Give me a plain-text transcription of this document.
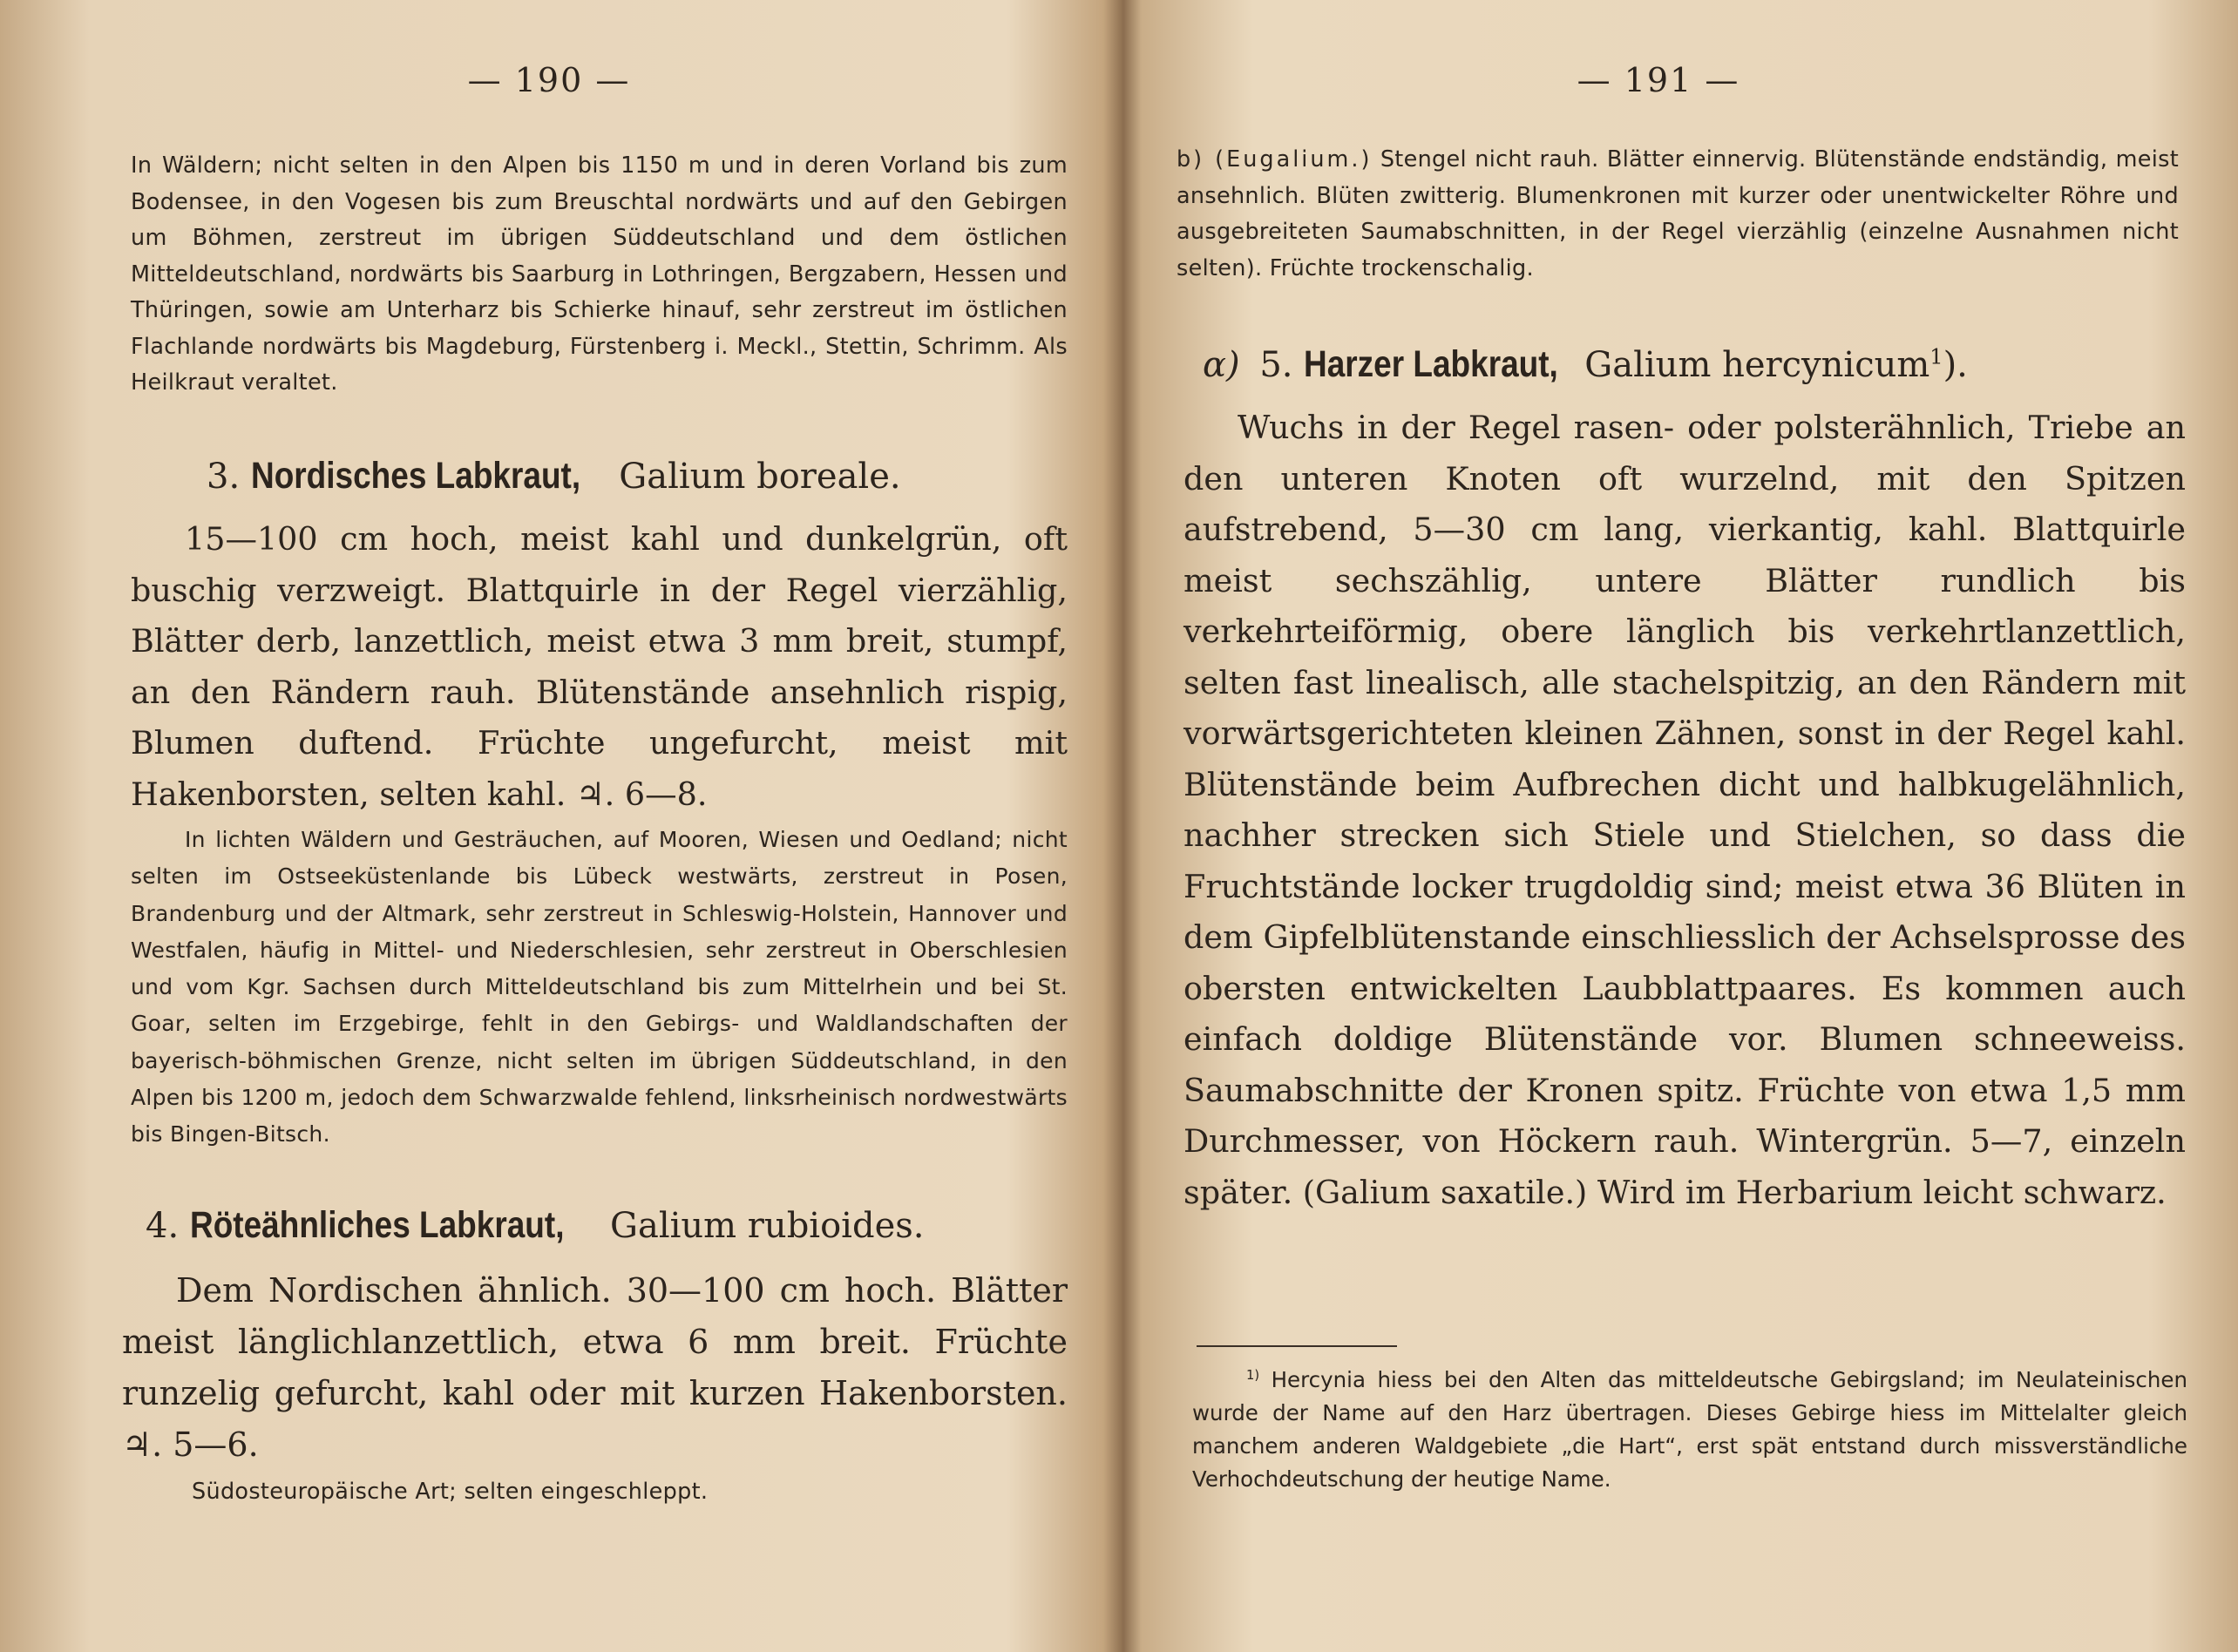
— 190 —

In Wäldern; nicht selten in den Alpen bis 1150 m und in deren Vorland bis zum Bodensee, in den Vogesen bis zum Breuschtal nordwärts und auf den Gebirgen um Böhmen, zerstreut im übrigen Süddeutschland und dem östlichen Mitteldeutschland, nordwärts bis Saarburg in Lothringen, Bergzabern, Hessen und Thüringen, sowie am Unterharz bis Schierke hinauf, sehr zerstreut im östlichen Flachlande nordwärts bis Magdeburg, Fürstenberg i. Meckl., Stettin, Schrimm. Als Heilkraut veraltet.

3. Nordisches Labkraut, Galium boreale.

15—100 cm hoch, meist kahl und dunkelgrün, oft buschig verzweigt. Blattquirle in der Regel vierzählig, Blätter derb, lanzettlich, meist etwa 3 mm breit, stumpf, an den Rändern rauh. Blütenstände ansehnlich rispig, Blumen duftend. Früchte ungefurcht, meist mit Hakenborsten, selten kahl. ♃. 6—8.

In lichten Wäldern und Gesträuchen, auf Mooren, Wiesen und Oedland; nicht selten im Ostseeküstenlande bis Lübeck westwärts, zerstreut in Posen, Brandenburg und der Altmark, sehr zerstreut in Schleswig-Holstein, Hannover und Westfalen, häufig in Mittel- und Niederschlesien, sehr zerstreut in Oberschlesien und vom Kgr. Sachsen durch Mitteldeutschland bis zum Mittelrhein und bei St. Goar, selten im Erzgebirge, fehlt in den Gebirgs- und Waldlandschaften der bayerisch-böhmischen Grenze, nicht selten im übrigen Süddeutschland, in den Alpen bis 1200 m, jedoch dem Schwarzwalde fehlend, linksrheinisch nordwestwärts bis Bingen-Bitsch.

4. Röteähnliches Labkraut, Galium rubioides.

Dem Nordischen ähnlich. 30—100 cm hoch. Blätter meist länglichlanzettlich, etwa 6 mm breit. Früchte runzelig gefurcht, kahl oder mit kurzen Hakenborsten. ♃. 5—6.

Südosteuropäische Art; selten eingeschleppt.

— 191 —

b) (Eugalium.) Stengel nicht rauh. Blätter einnervig. Blütenstände endständig, meist ansehnlich. Blüten zwitterig. Blumenkronen mit kurzer oder unentwickelter Röhre und ausgebreiteten Saumabschnitten, in der Regel vierzählig (einzelne Ausnahmen nicht selten). Früchte trockenschalig.

α) 5. Harzer Labkraut, Galium hercynicum$^1$).

Wuchs in der Regel rasen- oder polsterähnlich, Triebe an den unteren Knoten oft wurzelnd, mit den Spitzen aufstrebend, 5—30 cm lang, vierkantig, kahl. Blattquirle meist sechszählig, untere Blätter rundlich bis verkehrteiförmig, obere länglich bis verkehrtlanzettlich, selten fast linealisch, alle stachelspitzig, an den Rändern mit vorwärtsgerichteten kleinen Zähnen, sonst in der Regel kahl. Blütenstände beim Aufbrechen dicht und halbkugelähnlich, nachher strecken sich Stiele und Stielchen, so dass die Fruchtstände locker trugdoldig sind; meist etwa 36 Blüten in dem Gipfelblütenstande einschliesslich der Achselsprosse des obersten entwickelten Laubblattpaares. Es kommen auch einfach doldige Blütenstände vor. Blumen schneeweiss. Saumabschnitte der Kronen spitz. Früchte von etwa 1,5 mm Durchmesser, von Höckern rauh. Wintergrün. 5—7, einzeln später. (Galium saxatile.) Wird im Herbarium leicht schwarz.

$^{1)}$ Hercynia hiess bei den Alten das mitteldeutsche Gebirgsland; im Neulateinischen wurde der Name auf den Harz übertragen. Dieses Gebirge hiess im Mittelalter gleich manchem anderen Waldgebiete „die Hart“, erst spät entstand durch missverständliche Verhochdeutschung der heutige Name.
